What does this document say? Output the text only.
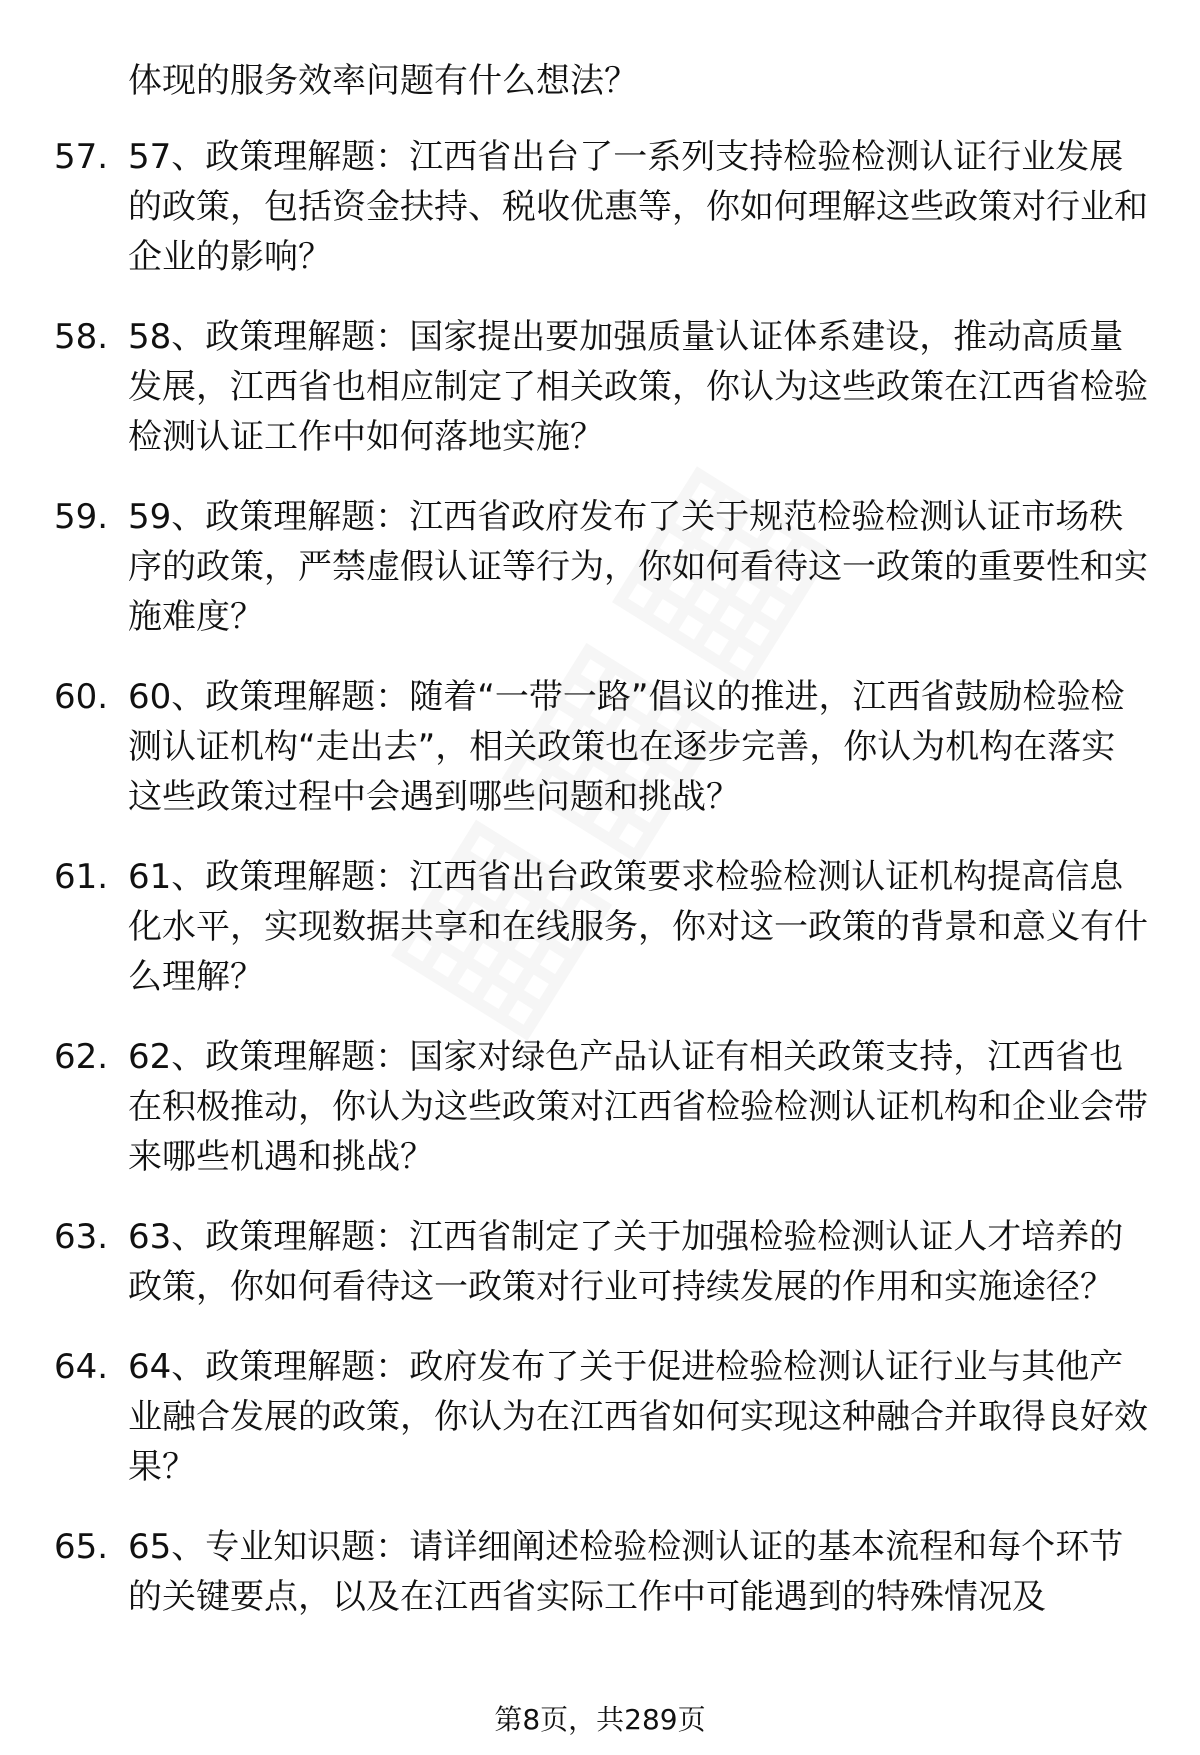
体现的服务效率问题有什么想法？

57. 57、政策理解题：江西省出台了一系列支持检验检测认证行业发展的政策，包括资金扶持、税收优惠等，你如何理解这些政策对行业和企业的影响？
58. 58、政策理解题：国家提出要加强质量认证体系建设，推动高质量发展，江西省也相应制定了相关政策，你认为这些政策在江西省检验检测认证工作中如何落地实施？
59. 59、政策理解题：江西省政府发布了关于规范检验检测认证市场秩序的政策，严禁虚假认证等行为，你如何看待这一政策的重要性和实施难度？
60. 60、政策理解题：随着“一带一路”倡议的推进，江西省鼓励检验检测认证机构“走出去”，相关政策也在逐步完善，你认为机构在落实这些政策过程中会遇到哪些问题和挑战？
61. 61、政策理解题：江西省出台政策要求检验检测认证机构提高信息化水平，实现数据共享和在线服务，你对这一政策的背景和意义有什么理解？
62. 62、政策理解题：国家对绿色产品认证有相关政策支持，江西省也在积极推动，你认为这些政策对江西省检验检测认证机构和企业会带来哪些机遇和挑战？
63. 63、政策理解题：江西省制定了关于加强检验检测认证人才培养的政策，你如何看待这一政策对行业可持续发展的作用和实施途径？
64. 64、政策理解题：政府发布了关于促进检验检测认证行业与其他产业融合发展的政策，你认为在江西省如何实现这种融合并取得良好效果？
65. 65、专业知识题：请详细阐述检验检测认证的基本流程和每个环节的关键要点，以及在江西省实际工作中可能遇到的特殊情况及
第8页，共289页
